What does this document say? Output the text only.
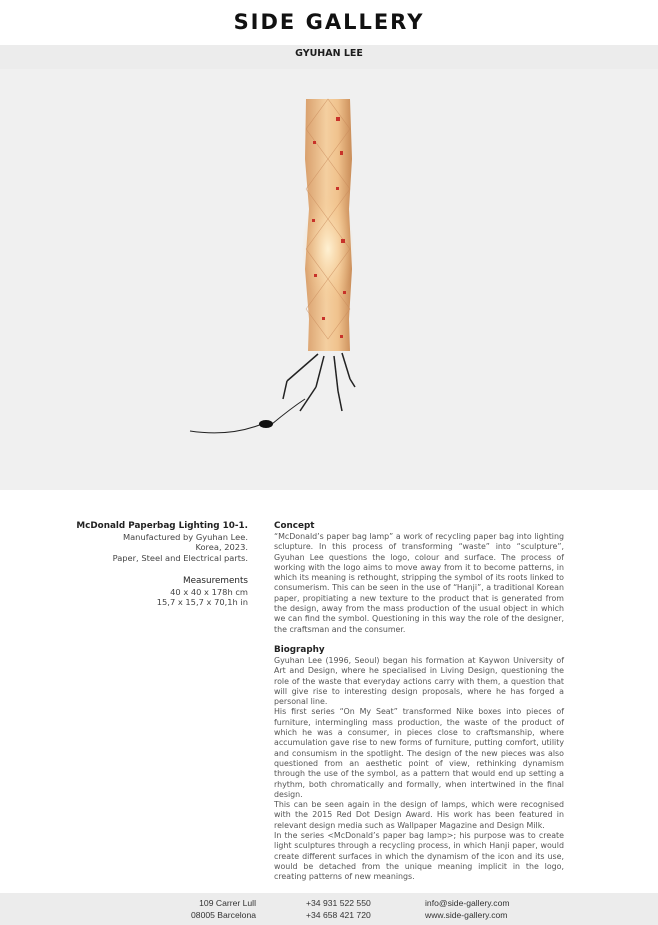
SIDE GALLERY
GYUHAN LEE
McDonald Paperbag Lighting 10-1.
Manufactured by Gyuhan Lee.
Korea, 2023.
Paper, Steel and Electrical parts.
Measurements
40 x 40 x 178h cm
15,7 x 15,7 x 70,1h in
Concept

“McDonald’s paper bag lamp” a work of recycling paper bag into lighting sclupture. In this process of transforming “waste” into “sculpture”, Gyuhan Lee questions the logo, colour and surface. The process of working with the logo aims to move away from it to become patterns, in which its meaning is rethought, stripping the symbol of its roots linked to consumerism. This can be seen in the use of “Hanji”, a traditional Korean paper, propitiating a new texture to the product that is generated from the design, away from the mass production of the usual object in which we can find the symbol. Questioning in this way the role of the designer, the craftsman and the consumer.

Biography

Gyuhan Lee (1996, Seoul) began his formation at Kaywon University of Art and Design, where he specialised in Living Design, questioning the role of the waste that everyday actions carry with them, a question that will give rise to interesting design proposals, where he has forged a personal line.

His first series “On My Seat” transformed Nike boxes into pieces of furniture, intermingling mass production, the waste of the product of which he was a consumer, in pieces close to craftsmanship, where accumulation gave rise to new forms of furniture, putting comfort, utility and consumism in the spotlight. The design of the new pieces was also questioned from an aesthetic point of view, rethinking dynamism through the use of the symbol, as a pattern that would end up setting a rhythm, both chromatically and formally, when intertwined in the final design.

This can be seen again in the design of lamps, which were recognised with the 2015 Red Dot Design Award. His work has been featured in relevant design media such as Wallpaper Magazine and Design Milk.

In the series <McDonald’s paper bag lamp>; his purpose was to create light sculptures through a recycling process, in which Hanji paper, would create different surfaces in which the dynamism of the icon and its use, would be detached from the unique meaning implicit in the logo, creating patterns of new meanings.

109 Carrer Lull
08005 Barcelona
+34 931 522 550
+34 658 421 720
info@side-gallery.com
www.side-gallery.com
